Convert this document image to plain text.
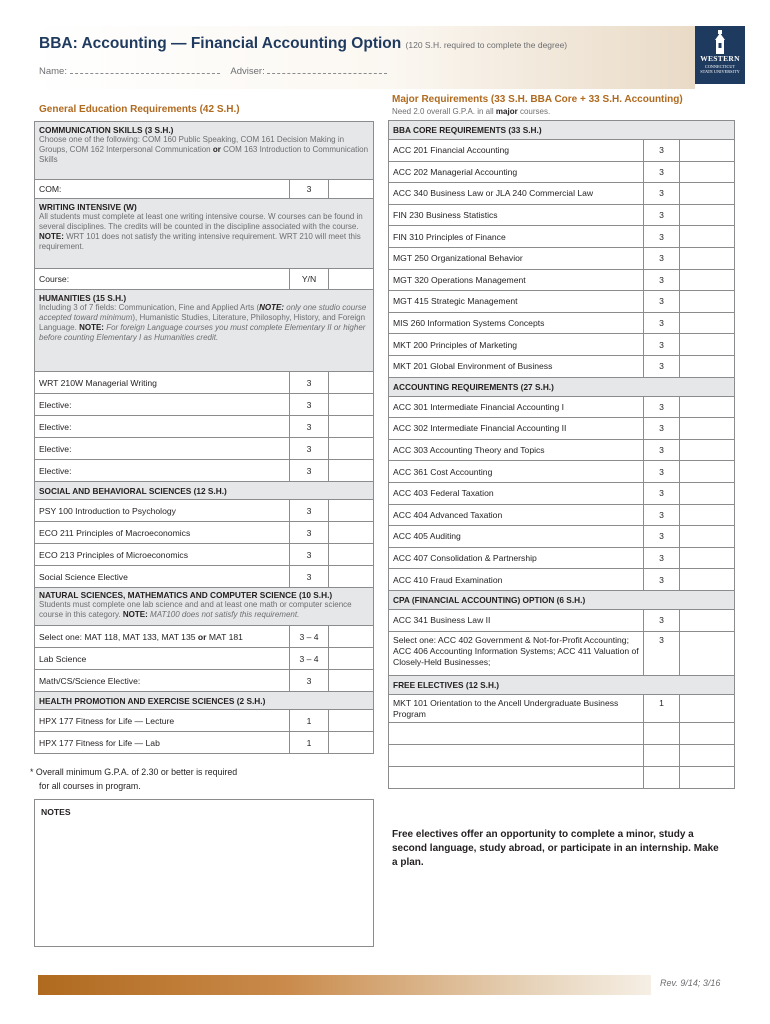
BBA: Accounting — Financial Accounting Option (120 S.H. required to complete the degree)
Name:	Adviser:
WESTERN
CONNECTICUT
STATE UNIVERSITY
General Education Requirements (42 S.H.)
COMMUNICATION SKILLS (3 S.H.)
Choose one of the following: COM 160 Public Speaking, COM 161 Decision Making in Groups, COM 162 Interpersonal Communication or COM 163 Introduction to Communication Skills		

COM:	3	
WRITING INTENSIVE (W)
All students must complete at least one writing intensive course. W courses can be found in several disciplines. The credits will be counted in the discipline associated with the course. NOTE: WRT 101 does not satisfy the writing intensive requirement. WRT 210 will meet this requirement.		

Course:	Y/N	
HUMANITIES (15 S.H.)
Including 3 of 7 fields: Communication, Fine and Applied Arts (NOTE: only one studio course accepted toward minimum), Humanistic Studies, Literature, Philosophy, History, and Foreign Language. NOTE: For foreign Language courses you must complete Elementary II or higher before counting Elementary I as Humanities credit.		

WRT 210W Managerial Writing	3	
Elective:	3	
Elective:	3	
Elective:	3	
Elective:	3	
SOCIAL AND BEHAVIORAL SCIENCES (12 S.H.)		
PSY 100 Introduction to Psychology	3	
ECO 211 Principles of Macroeconomics	3	
ECO 213 Principles of Microeconomics	3	
Social Science Elective	3	
NATURAL SCIENCES, MATHEMATICS AND COMPUTER SCIENCE (10 S.H.)
Students must complete one lab science and and at least one math or computer science course in this category. NOTE: MAT100 does not satisfy this requirement.		

Select one: MAT 118, MAT 133, MAT 135 or MAT 181	3 – 4	
Lab Science	3 – 4	
Math/CS/Science Elective:	3	
HEALTH PROMOTION AND EXERCISE SCIENCES (2 S.H.)		
HPX 177 Fitness for Life — Lecture	1	
HPX 177 Fitness for Life — Lab	1	
* Overall minimum G.P.A. of 2.30 or better is required
for all courses in program.
NOTES
Major Requirements (33 S.H. BBA Core + 33 S.H. Accounting)
Need 2.0 overall G.P.A. in all major courses.
BBA CORE REQUIREMENTS (33 S.H.)		
ACC 201 Financial Accounting	3	
ACC 202 Managerial Accounting	3	
ACC 340 Business Law or JLA 240 Commercial Law	3	
FIN 230 Business Statistics	3	
FIN 310 Principles of Finance	3	
MGT 250 Organizational Behavior	3	
MGT 320 Operations Management	3	
MGT 415 Strategic Management	3	
MIS 260 Information Systems Concepts	3	
MKT 200 Principles of Marketing	3	
MKT 201 Global Environment of Business	3	
ACCOUNTING REQUIREMENTS (27 S.H.)		
ACC 301 Intermediate Financial Accounting I	3	
ACC 302 Intermediate Financial Accounting II	3	
ACC 303 Accounting Theory and Topics	3	
ACC 361 Cost Accounting	3	
ACC 403 Federal Taxation	3	
ACC 404 Advanced Taxation	3	
ACC 405 Auditing	3	
ACC 407 Consolidation & Partnership	3	
ACC 410 Fraud Examination	3	
CPA (FINANCIAL ACCOUNTING) OPTION (6 S.H.)		
ACC 341 Business Law II	3	
Select one: ACC 402 Government & Not-for-Profit Accounting; ACC 406 Accounting Information Systems; ACC 411 Valuation of Closely-Held Businesses;	3	
FREE ELECTIVES (12 S.H.)		
MKT 101 Orientation to the Ancell Undergraduate Business Program	1	

Free electives offer an opportunity to complete a minor, study a second language, study abroad, or participate in an internship. Make a plan.
Rev. 9/14; 3/16
